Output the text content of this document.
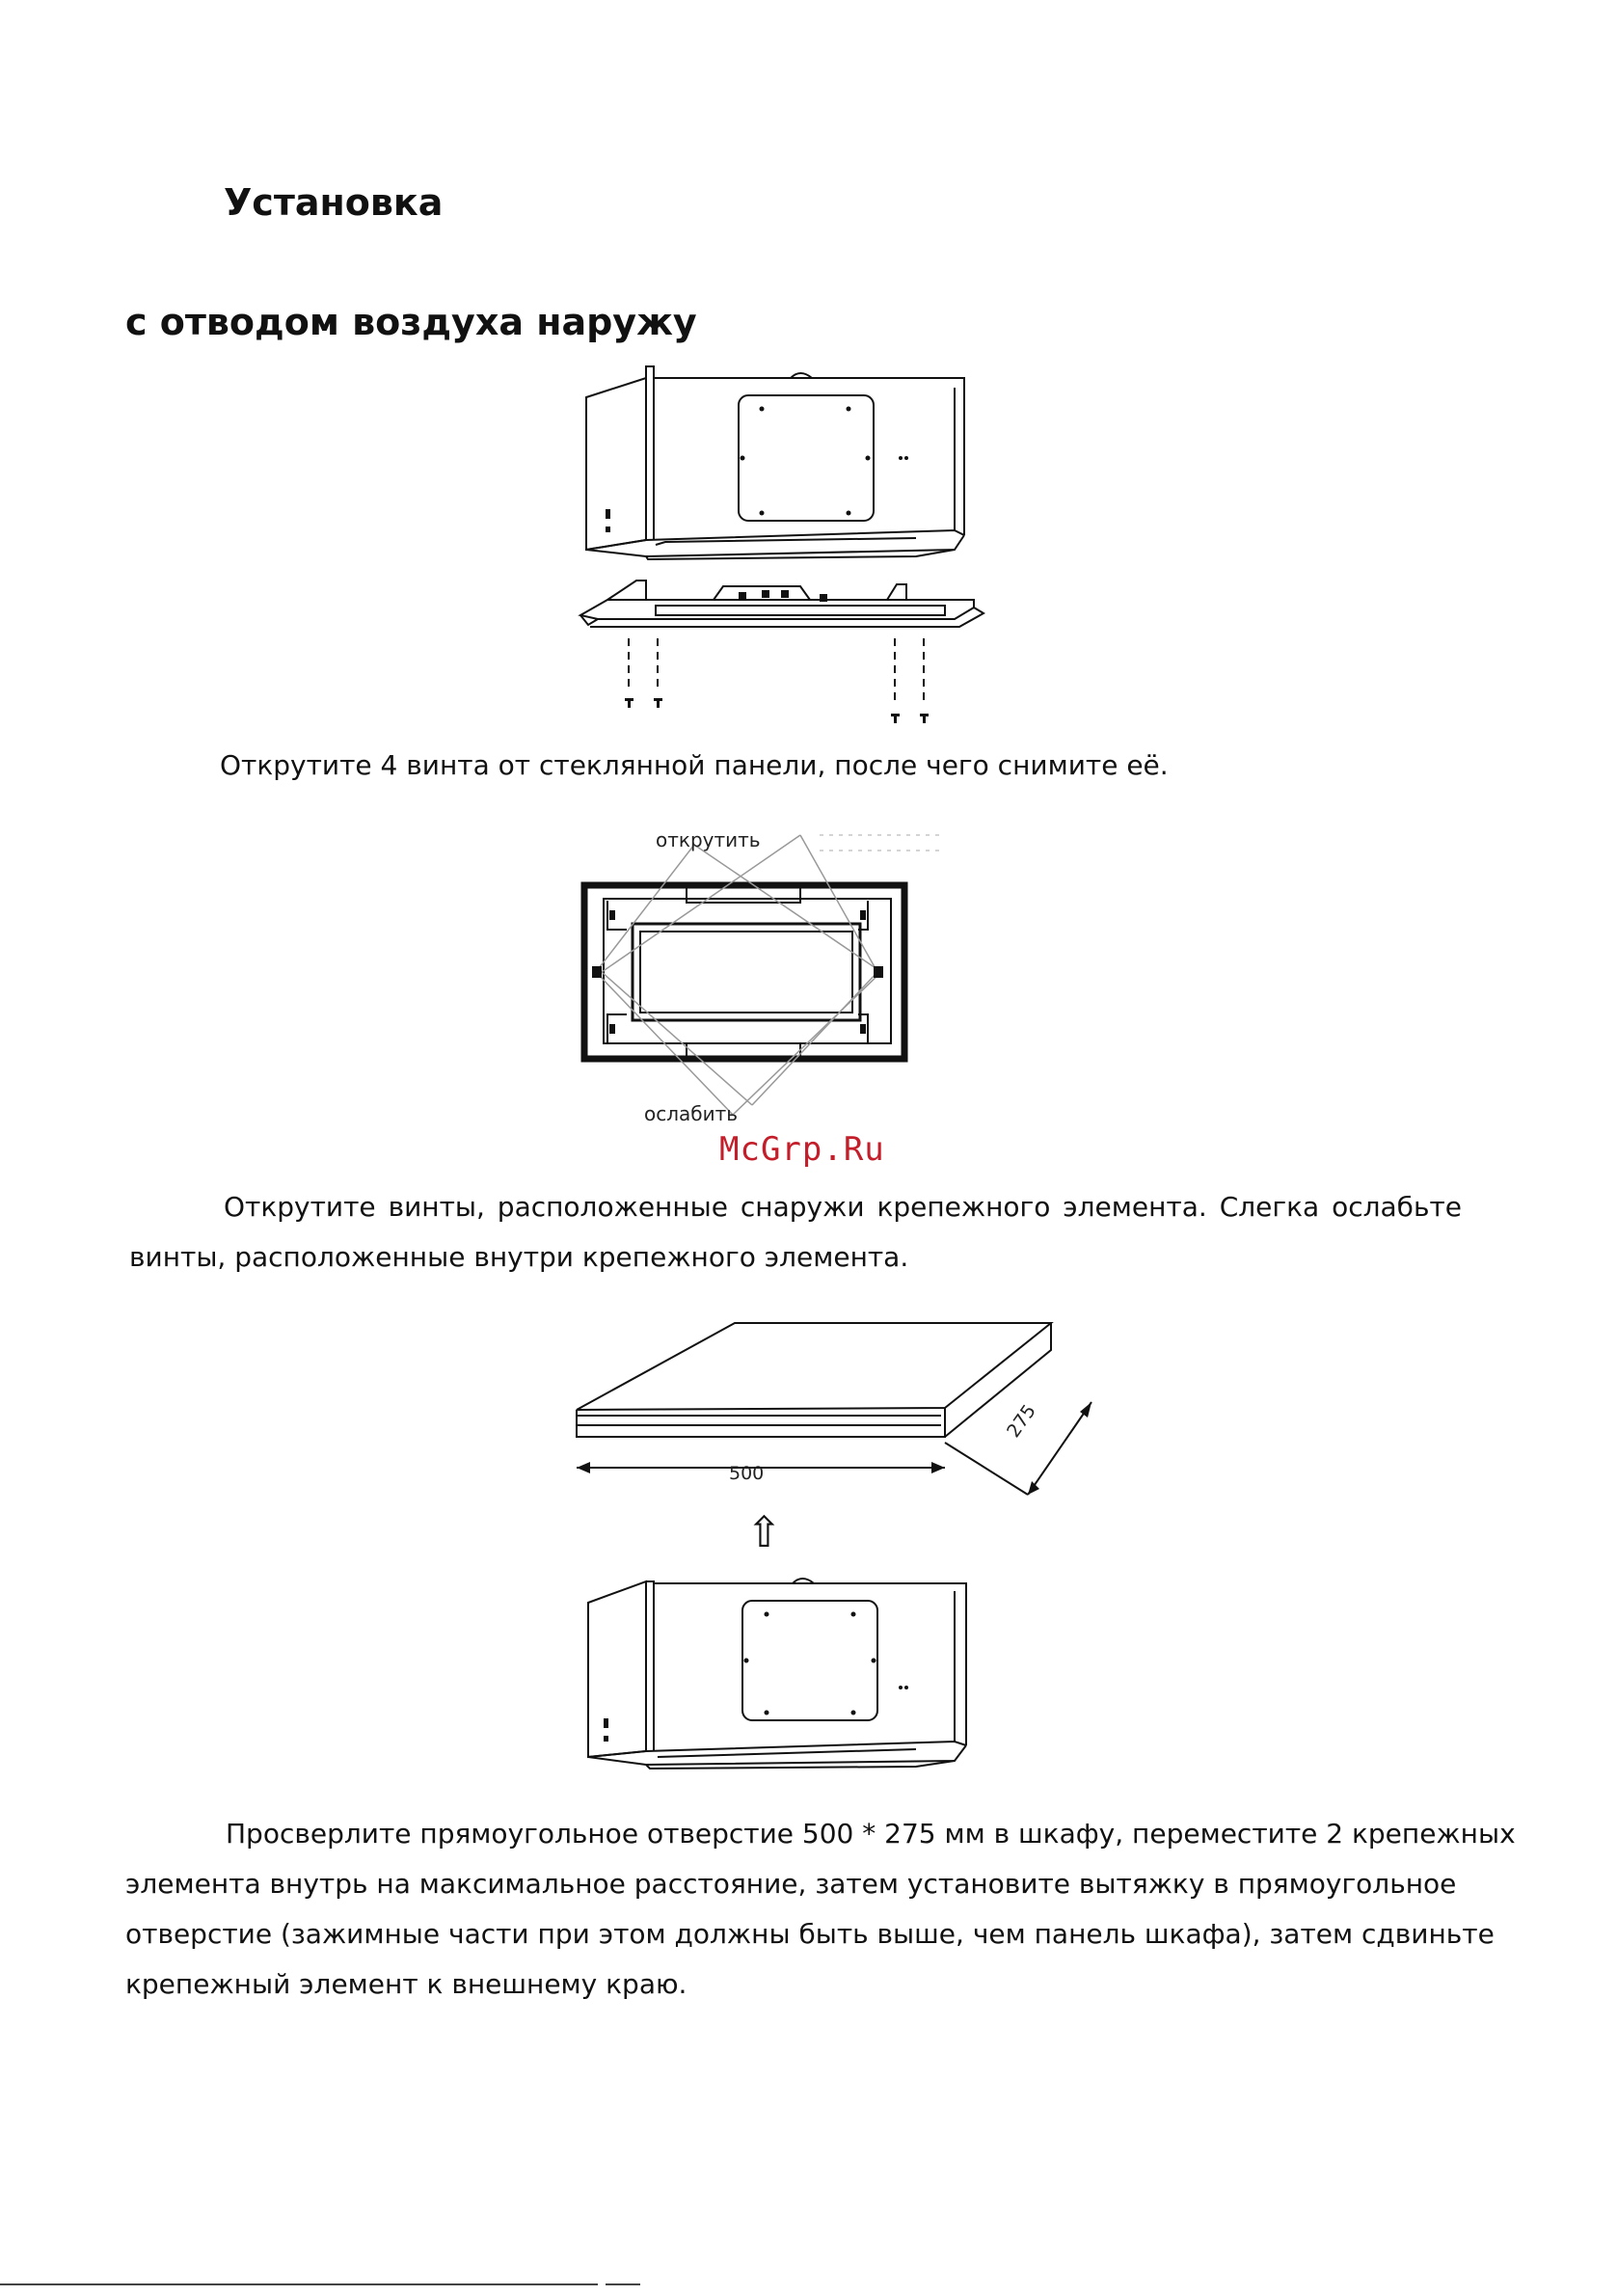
Установка
с отводом воздуха наружу
Открутите 4 винта от стеклянной панели, после чего снимите её.
открутить
ослабить
McGrp.Ru
Открутите винты, расположенные снаружи крепежного элемента. Слегка ослабьте
винты, расположенные внутри крепежного элемента.
500
275
⇧
Просверлите прямоугольное отверстие 500 * 275 мм в шкафу, переместите 2 крепежных
элемента внутрь на максимальное расстояние, затем установите вытяжку в прямоугольное
отверстие (зажимные части при этом должны быть выше, чем панель шкафа), затем сдвиньте
крепежный элемент к внешнему краю.
